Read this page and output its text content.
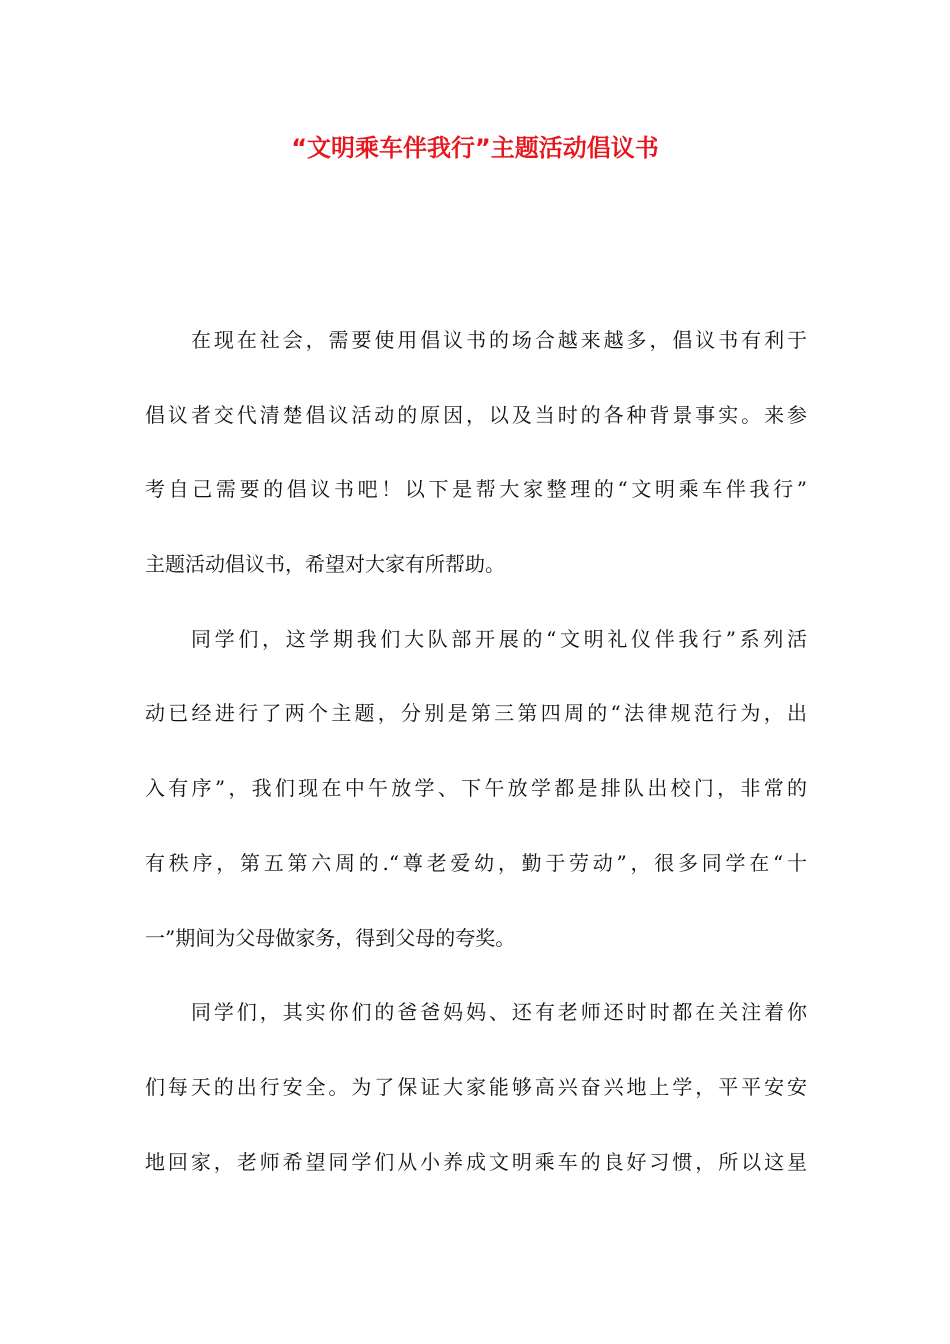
“文明乘车伴我行”主题活动倡议书
在现在社会，需要使用倡议书的场合越来越多，倡议书有利于
倡议者交代清楚倡议活动的原因，以及当时的各种背景事实。来参
考自己需要的倡议书吧！以下是帮大家整理的“文明乘车伴我行”
主题活动倡议书，希望对大家有所帮助。
同学们，这学期我们大队部开展的“文明礼仪伴我行”系列活
动已经进行了两个主题，分别是第三第四周的“法律规范行为，出
入有序”，我们现在中午放学、下午放学都是排队出校门，非常的
有秩序，第五第六周的.“尊老爱幼，勤于劳动”，很多同学在“十
一”期间为父母做家务，得到父母的夸奖。
同学们，其实你们的爸爸妈妈、还有老师还时时都在关注着你
们每天的出行安全。为了保证大家能够高兴奋兴地上学，平平安安
地回家，老师希望同学们从小养成文明乘车的良好习惯，所以这星
